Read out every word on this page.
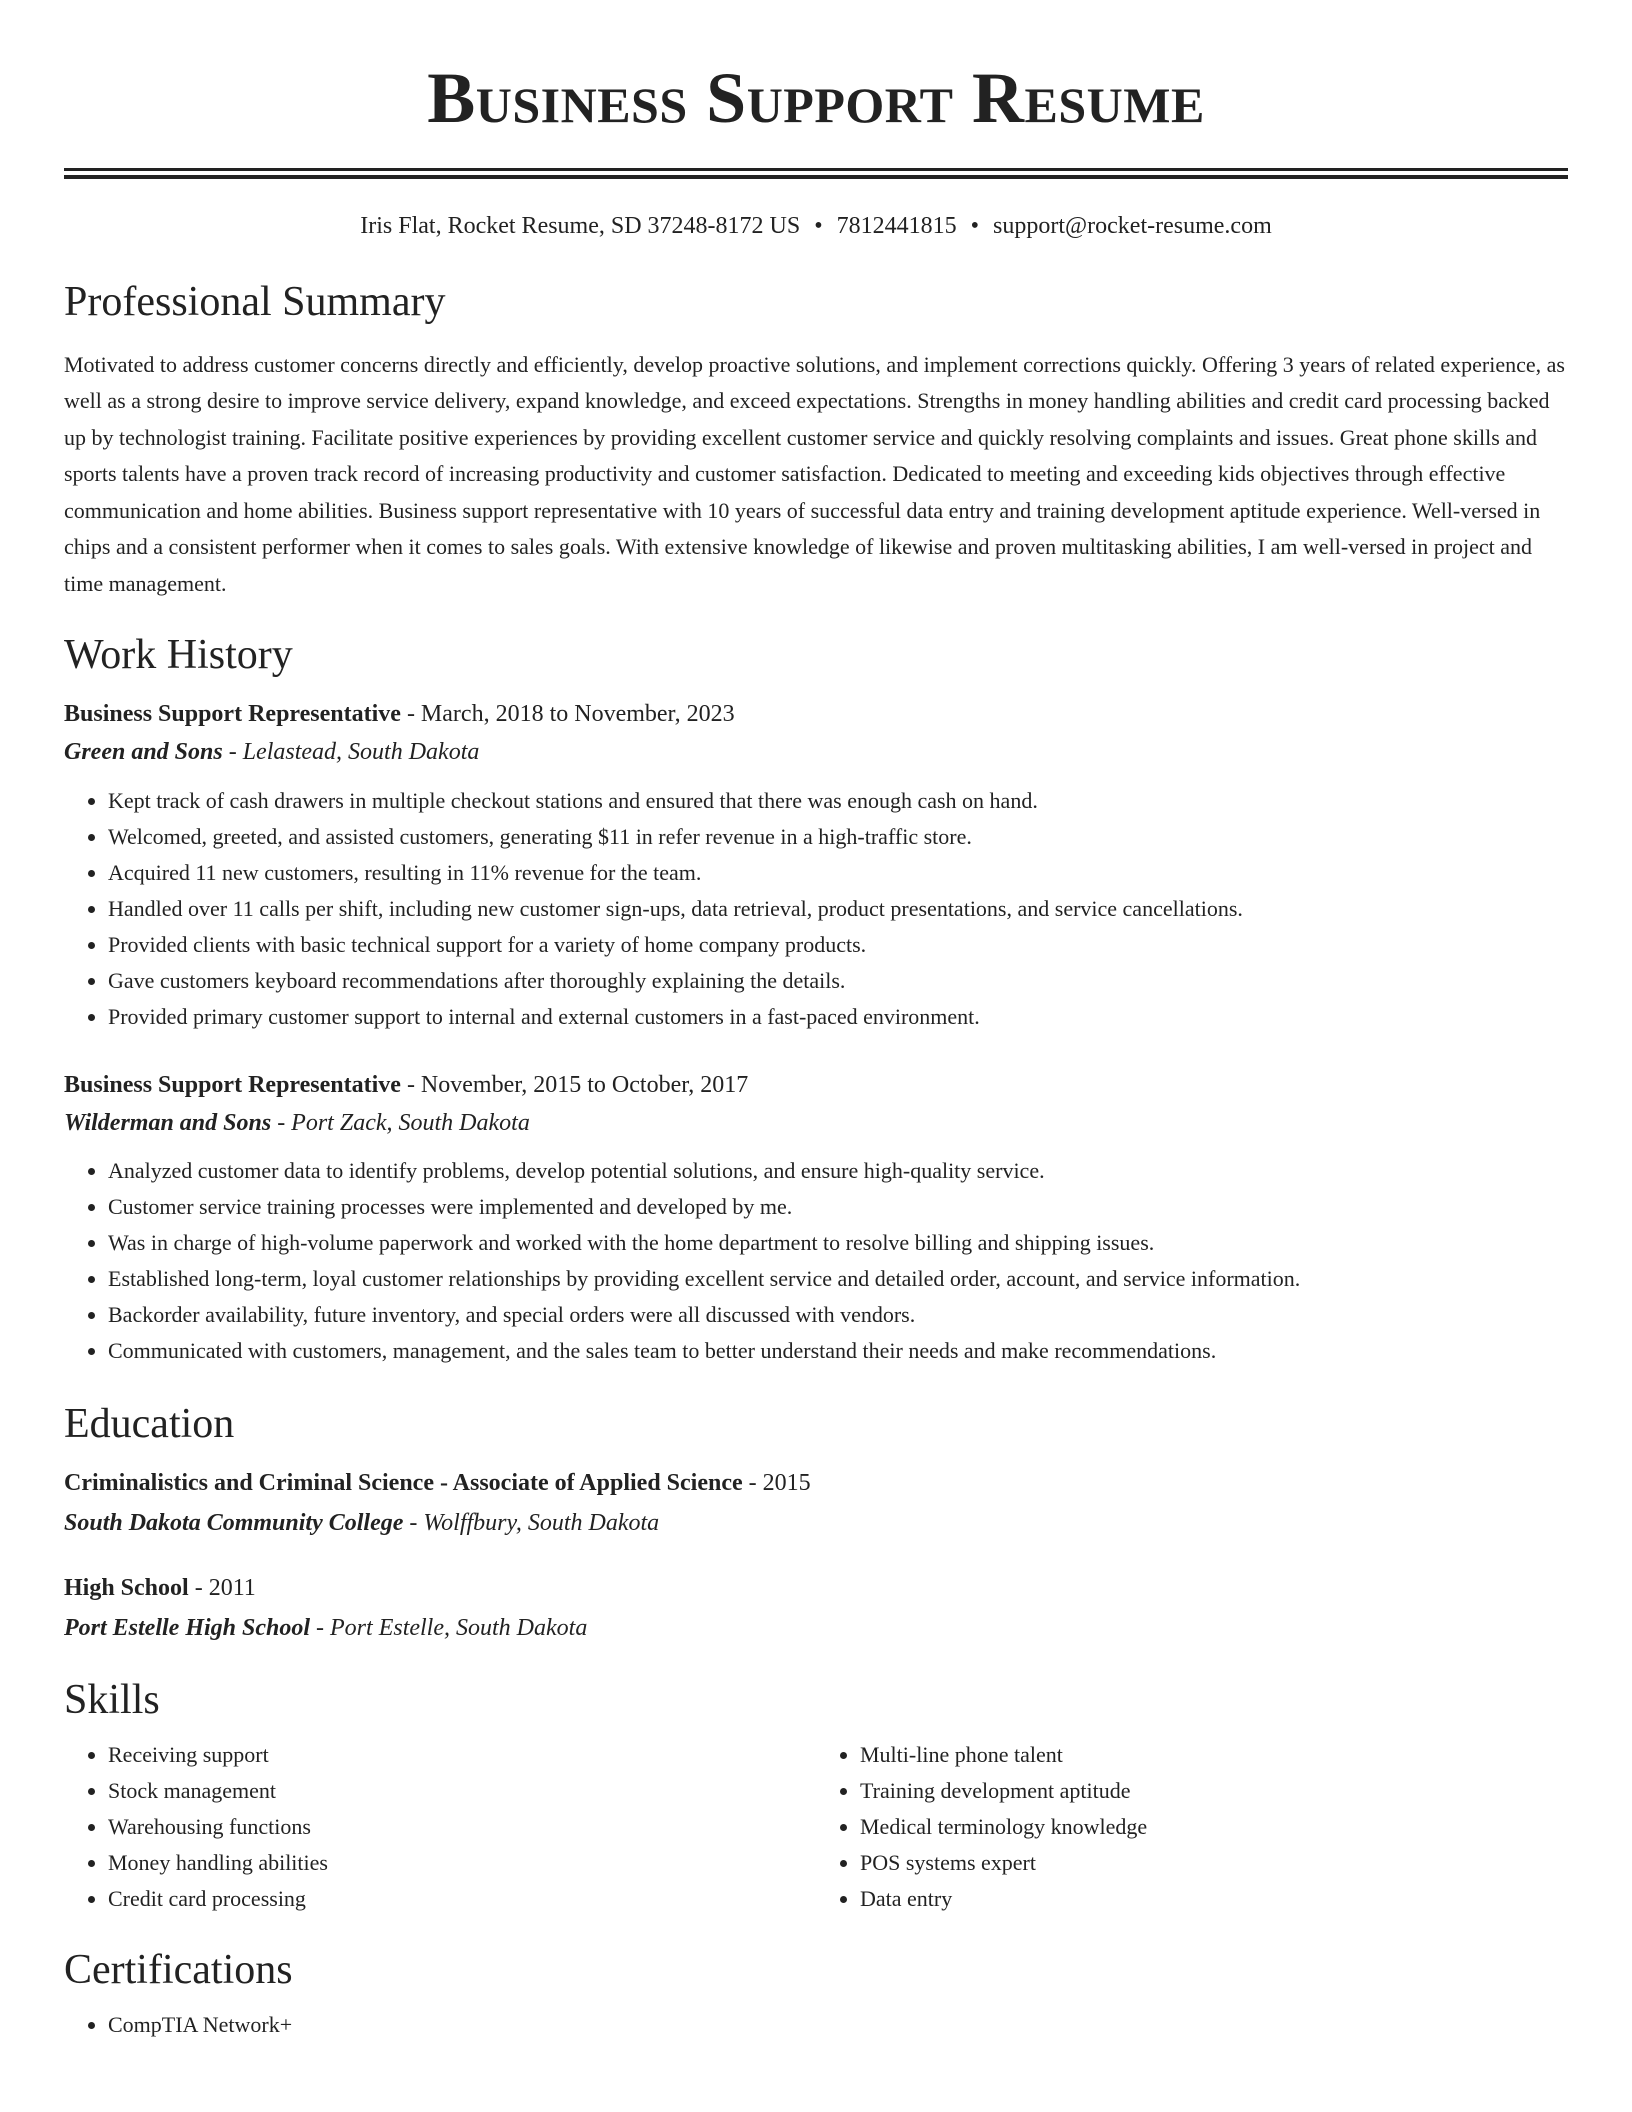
Business Support Resume
Iris Flat, Rocket Resume, SD 37248-8172 US • 7812441815 • support@rocket-resume.com
Professional Summary
Motivated to address customer concerns directly and efficiently, develop proactive solutions, and implement corrections quickly. Offering 3 years of related experience, as well as a strong desire to improve service delivery, expand knowledge, and exceed expectations. Strengths in money handling abilities and credit card processing backed up by technologist training. Facilitate positive experiences by providing excellent customer service and quickly resolving complaints and issues. Great phone skills and sports talents have a proven track record of increasing productivity and customer satisfaction. Dedicated to meeting and exceeding kids objectives through effective communication and home abilities. Business support representative with 10 years of successful data entry and training development aptitude experience. Well-versed in chips and a consistent performer when it comes to sales goals. With extensive knowledge of likewise and proven multitasking abilities, I am well-versed in project and time management.
Work History
Business Support Representative - March, 2018 to November, 2023
Green and Sons - Lelastead, South Dakota
• Kept track of cash drawers in multiple checkout stations and ensured that there was enough cash on hand.
• Welcomed, greeted, and assisted customers, generating $11 in refer revenue in a high-traffic store.
• Acquired 11 new customers, resulting in 11% revenue for the team.
• Handled over 11 calls per shift, including new customer sign-ups, data retrieval, product presentations, and service cancellations.
• Provided clients with basic technical support for a variety of home company products.
• Gave customers keyboard recommendations after thoroughly explaining the details.
• Provided primary customer support to internal and external customers in a fast-paced environment.
Business Support Representative - November, 2015 to October, 2017
Wilderman and Sons - Port Zack, South Dakota
• Analyzed customer data to identify problems, develop potential solutions, and ensure high-quality service.
• Customer service training processes were implemented and developed by me.
• Was in charge of high-volume paperwork and worked with the home department to resolve billing and shipping issues.
• Established long-term, loyal customer relationships by providing excellent service and detailed order, account, and service information.
• Backorder availability, future inventory, and special orders were all discussed with vendors.
• Communicated with customers, management, and the sales team to better understand their needs and make recommendations.
Education
Criminalistics and Criminal Science - Associate of Applied Science - 2015
South Dakota Community College - Wolffbury, South Dakota
High School - 2011
Port Estelle High School - Port Estelle, South Dakota
Skills
• Receiving support
• Stock management
• Warehousing functions
• Money handling abilities
• Credit card processing
• Multi-line phone talent
• Training development aptitude
• Medical terminology knowledge
• POS systems expert
• Data entry
Certifications
• CompTIA Network+
